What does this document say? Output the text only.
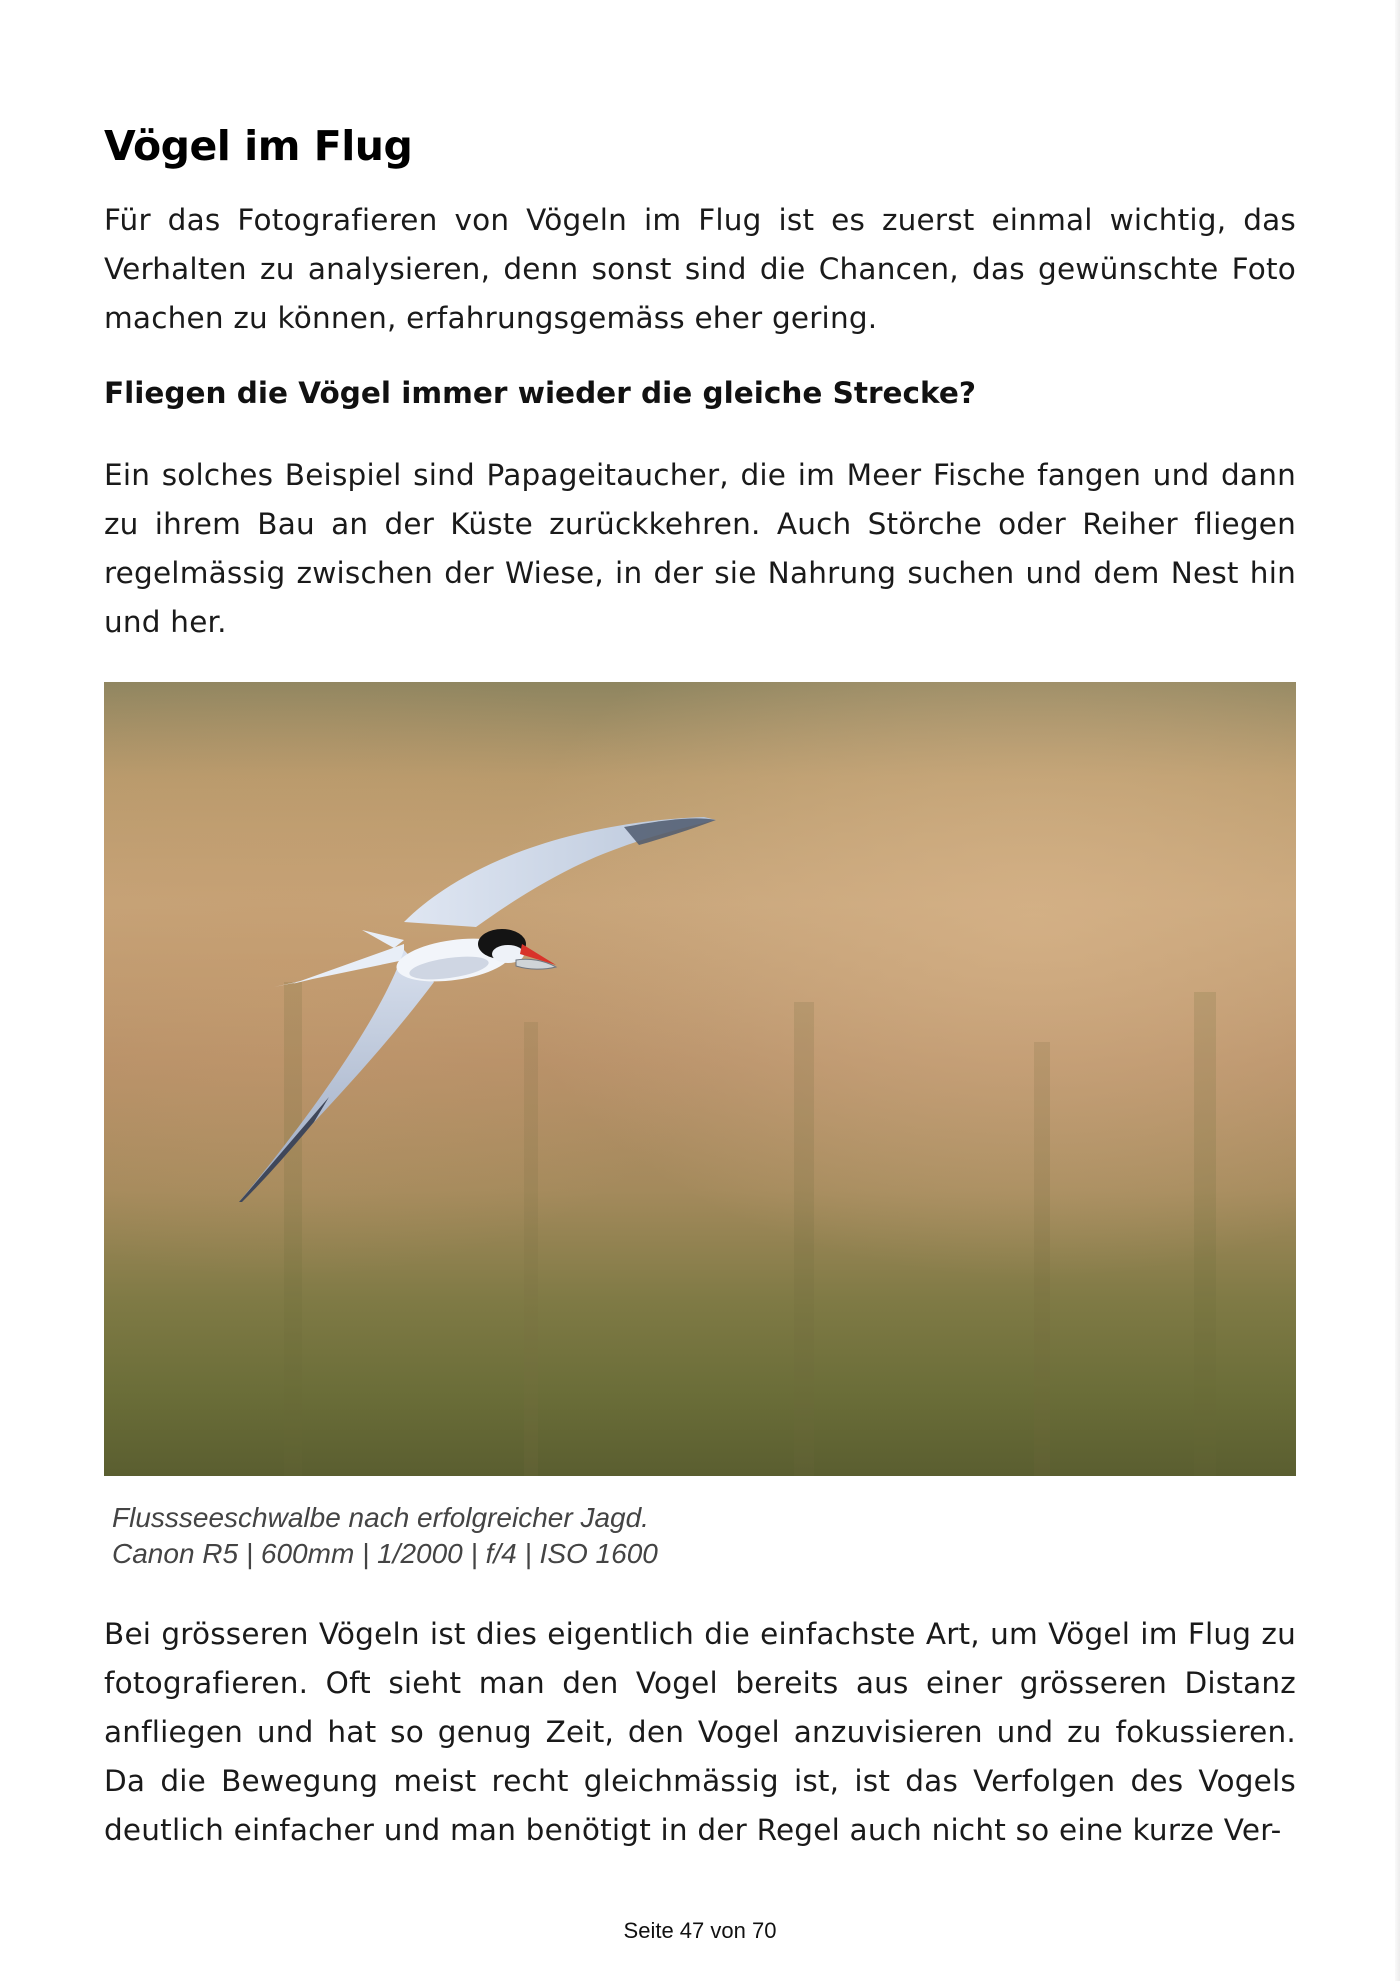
Vögel im Flug

Für das Fotografieren von Vögeln im Flug ist es zuerst einmal wichtig, das Verhalten zu analysieren, denn sonst sind die Chancen, das gewünschte Foto machen zu können, erfahrungsgemäss eher gering.

Fliegen die Vögel immer wieder die gleiche Strecke?

Ein solches Beispiel sind Papageitaucher, die im Meer Fische fangen und dann zu ihrem Bau an der Küste zurückkehren. Auch Störche oder Reiher fliegen regelmässig zwischen der Wiese, in der sie Nahrung suchen und dem Nest hin und her.

Flussseeschwalbe nach erfolgreicher Jagd.
Canon R5 | 600mm | 1/2000 | f/4 | ISO 1600

Bei grösseren Vögeln ist dies eigentlich die einfachste Art, um Vögel im Flug zu fotografieren. Oft sieht man den Vogel bereits aus einer grösseren Distanz anfliegen und hat so genug Zeit, den Vogel anzuvisieren und zu fokussieren. Da die Bewegung meist recht gleichmässig ist, ist das Verfolgen des Vogels deutlich einfacher und man benötigt in der Regel auch nicht so eine kurze Ver-

Seite 47 von 70
